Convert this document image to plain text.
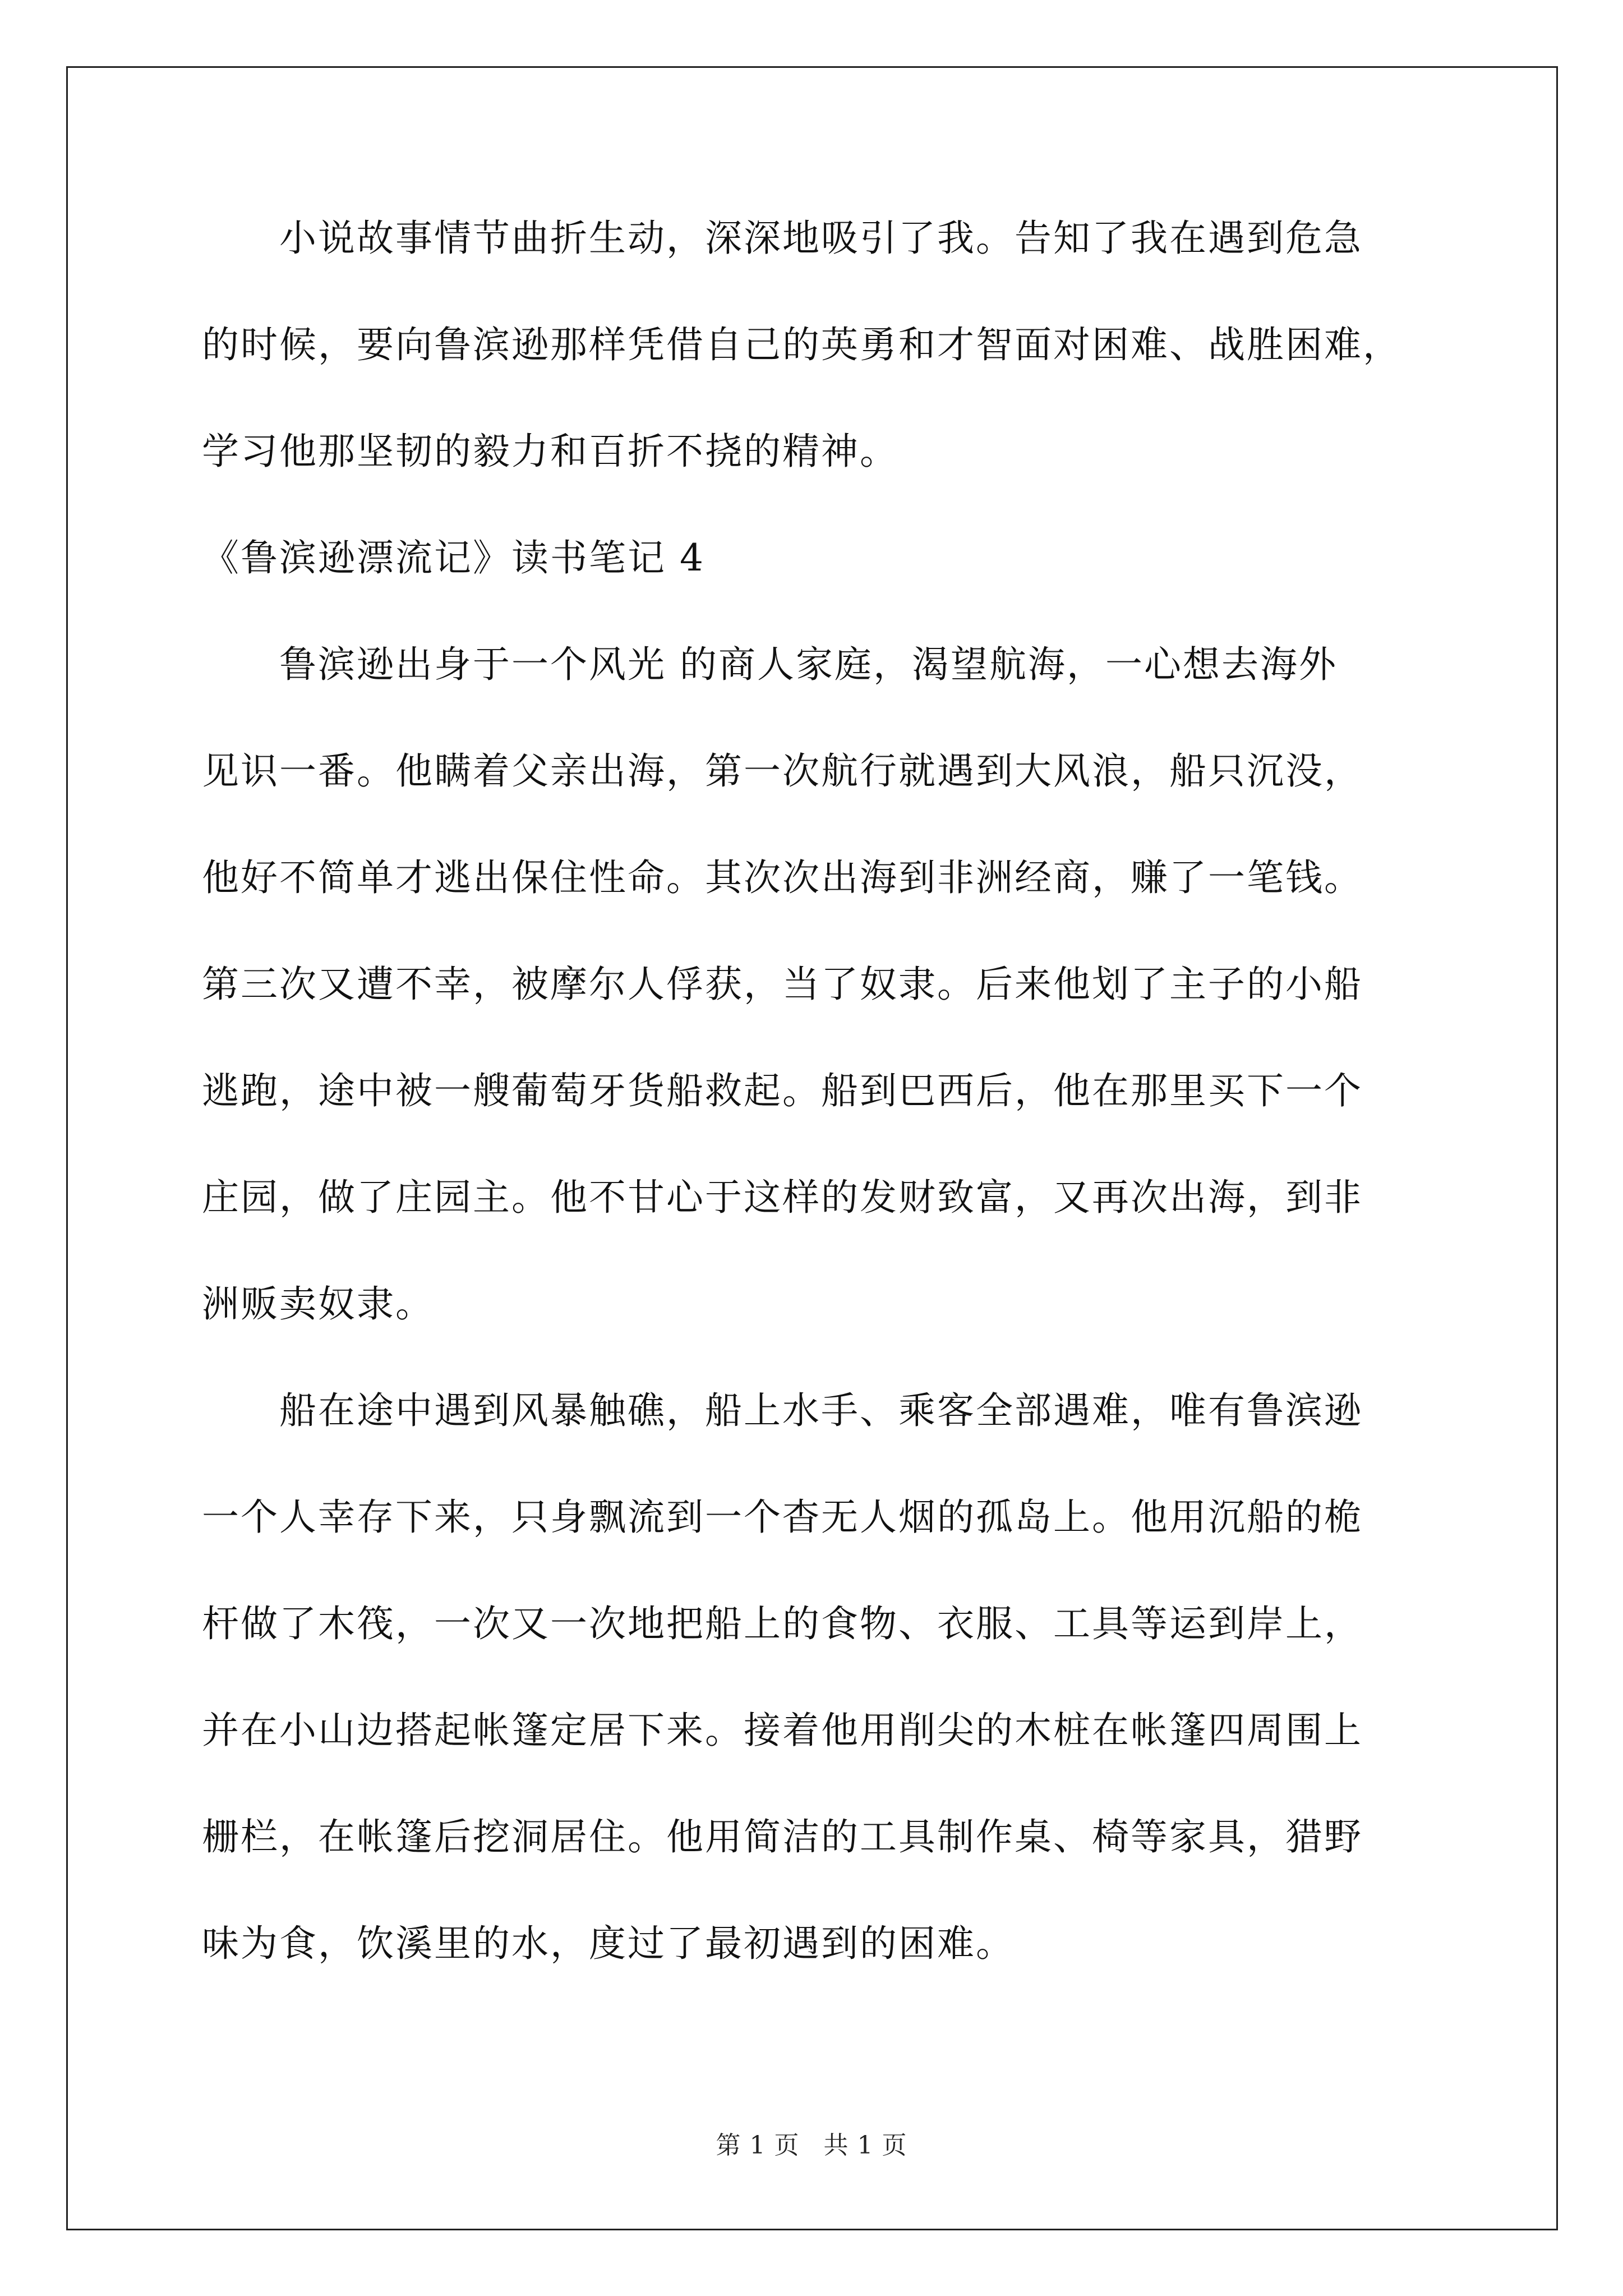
　　小说故事情节曲折生动，深深地吸引了我。告知了我在遇到危急
的时候，要向鲁滨逊那样凭借自己的英勇和才智面对困难、战胜困难，
学习他那坚韧的毅力和百折不挠的精神。
《鲁滨逊漂流记》读书笔记 4
　　鲁滨逊出身于一个风光 的商人家庭，渴望航海，一心想去海外
见识一番。他瞒着父亲出海，第一次航行就遇到大风浪，船只沉没，
他好不简单才逃出保住性命。其次次出海到非洲经商，赚了一笔钱。
第三次又遭不幸，被摩尔人俘获，当了奴隶。后来他划了主子的小船
逃跑，途中被一艘葡萄牙货船救起。船到巴西后，他在那里买下一个
庄园，做了庄园主。他不甘心于这样的发财致富，又再次出海，到非
洲贩卖奴隶。
　　船在途中遇到风暴触礁，船上水手、乘客全部遇难，唯有鲁滨逊
一个人幸存下来，只身飘流到一个杳无人烟的孤岛上。他用沉船的桅
杆做了木筏，一次又一次地把船上的食物、衣服、工具等运到岸上，
并在小山边搭起帐篷定居下来。接着他用削尖的木桩在帐篷四周围上
栅栏，在帐篷后挖洞居住。他用简洁的工具制作桌、椅等家具，猎野
味为食，饮溪里的水，度过了最初遇到的困难。
第 1 页 共 1 页
